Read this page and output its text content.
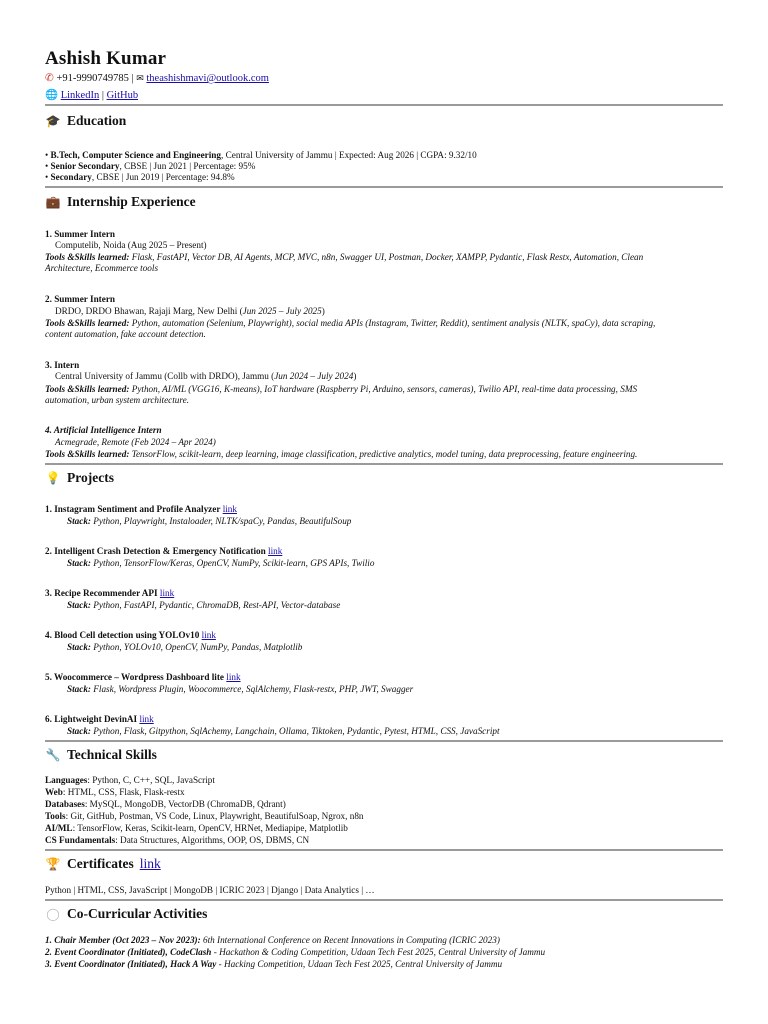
Ashish Kumar
✆ +91-9990749785 | ✉ theashishmavi@outlook.com
🌐 LinkedIn | GitHub
🎓 Education
• B.Tech, Computer Science and Engineering, Central University of Jammu | Expected: Aug 2026 | CGPA: 9.32/10
• Senior Secondary, CBSE | Jun 2021 | Percentage: 95%
• Secondary, CBSE | Jun 2019 | Percentage: 94.8%
💼 Internship Experience
1. Summer Intern
Computelib, Noida (Aug 2025 – Present)
Tools &Skills learned: Flask, FastAPI, Vector DB, AI Agents, MCP, MVC, n8n, Swagger UI, Postman, Docker, XAMPP, Pydantic, Flask Restx, Automation, Clean
Architecture, Ecommerce tools
2. Summer Intern
DRDO, DRDO Bhawan, Rajaji Marg, New Delhi (Jun 2025 – July 2025)
Tools &Skills learned: Python, automation (Selenium, Playwright), social media APIs (Instagram, Twitter, Reddit), sentiment analysis (NLTK, spaCy), data scraping,
content automation, fake account detection.
3. Intern
Central University of Jammu (Collb with DRDO), Jammu (Jun 2024 – July 2024)
Tools &Skills learned: Python, AI/ML (VGG16, K-means), IoT hardware (Raspberry Pi, Arduino, sensors, cameras), Twilio API, real-time data processing, SMS
automation, urban system architecture.
4. Artificial Intelligence Intern
Acmegrade, Remote (Feb 2024 – Apr 2024)
Tools &Skills learned: TensorFlow, scikit-learn, deep learning, image classification, predictive analytics, model tuning, data preprocessing, feature engineering.
💡 Projects
1. Instagram Sentiment and Profile Analyzer link
Stack: Python, Playwright, Instaloader, NLTK/spaCy, Pandas, BeautifulSoup
2. Intelligent Crash Detection & Emergency Notification link
Stack: Python, TensorFlow/Keras, OpenCV, NumPy, Scikit-learn, GPS APIs, Twilio
3. Recipe Recommender API link
Stack: Python, FastAPI, Pydantic, ChromaDB, Rest-API, Vector-database
4. Blood Cell detection using YOLOv10 link
Stack: Python, YOLOv10, OpenCV, NumPy, Pandas, Matplotlib
5. Woocommerce – Wordpress Dashboard lite link
Stack: Flask, Wordpress Plugin, Woocommerce, SqlAlchemy, Flask-restx, PHP, JWT, Swagger
6. Lightweight DevinAI link
Stack: Python, Flask, Gitpython, SqlAchemy, Langchain, Ollama, Tiktoken, Pydantic, Pytest, HTML, CSS, JavaScript
🔧 Technical Skills
Languages: Python, C, C++, SQL, JavaScript
Web: HTML, CSS, Flask, Flask-restx
Databases: MySQL, MongoDB, VectorDB (ChromaDB, Qdrant)
Tools: Git, GitHub, Postman, VS Code, Linux, Playwright, BeautifulSoap, Ngrox, n8n
AI/ML: TensorFlow, Keras, Scikit-learn, OpenCV, HRNet, Mediapipe, Matplotlib
CS Fundamentals: Data Structures, Algorithms, OOP, OS, DBMS, CN
🏆 Certificates link
Python | HTML, CSS, JavaScript | MongoDB | ICRIC 2023 | Django | Data Analytics | …
◯ Co-Curricular Activities
1. Chair Member (Oct 2023 – Nov 2023): 6th International Conference on Recent Innovations in Computing (ICRIC 2023)
2. Event Coordinator (Initiated), CodeClash - Hackathon & Coding Competition, Udaan Tech Fest 2025, Central University of Jammu
3. Event Coordinator (Initiated), Hack A Way - Hacking Competition, Udaan Tech Fest 2025, Central University of Jammu
